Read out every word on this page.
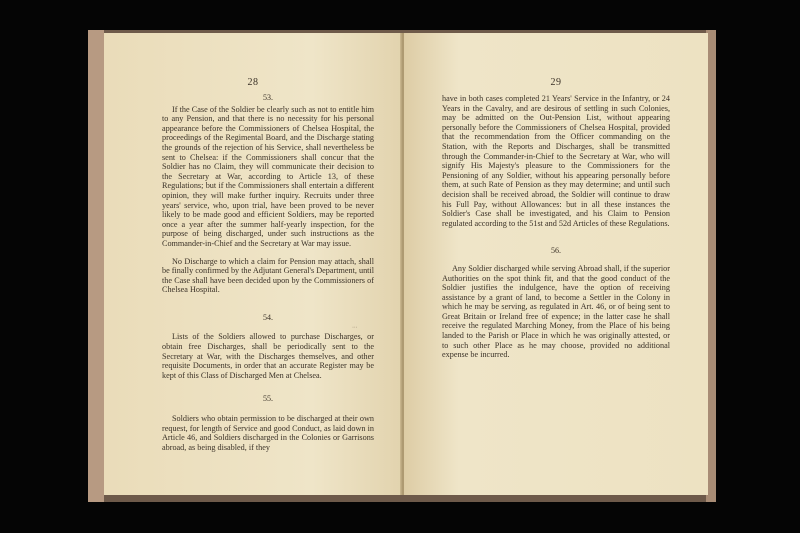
28

53.

If the Case of the Soldier be clearly such as not to entitle him to any Pension, and that there is no necessity for his personal appearance before the Commissioners of Chelsea Hospital, the proceedings of the Regimental Board, and the Discharge stating the grounds of the rejection of his Service, shall nevertheless be sent to Chelsea: if the Commissioners shall concur that the Soldier has no Claim, they will communicate their decision to the Secretary at War, according to Article 13, of these Regulations; but if the Commissioners shall entertain a different opinion, they will make further inquiry. Recruits under three years' service, who, upon trial, have been proved to be never likely to be made good and efficient Soldiers, may be reported once a year after the summer half-yearly inspection, for the purpose of being discharged, under such instructions as the Commander-in-Chief and the Secretary at War may issue.

No Discharge to which a claim for Pension may attach, shall be finally confirmed by the Adjutant General's Department, until the Case shall have been decided upon by the Commissioners of Chelsea Hospital.

54.

Lists of the Soldiers allowed to purchase Discharges, or obtain free Discharges, shall be periodically sent to the Secretary at War, with the Discharges themselves, and other requisite Documents, in order that an accurate Register may be kept of this Class of Discharged Men at Chelsea.

55.

Soldiers who obtain permission to be discharged at their own request, for length of Service and good Conduct, as laid down in Article 46, and Soldiers discharged in the Colonies or Garrisons abroad, as being disabled, if they

·∙·
29

have in both cases completed 21 Years' Service in the Infantry, or 24 Years in the Cavalry, and are desirous of settling in such Colonies, may be admitted on the Out-Pension List, without appearing personally before the Commissioners of Chelsea Hospital, provided that the recommendation from the Officer commanding on the Station, with the Reports and Discharges, shall be transmitted through the Commander-in-Chief to the Secretary at War, who will signify His Majesty's pleasure to the Commissioners for the Pensioning of any Soldier, without his appearing personally before them, at such Rate of Pension as they may determine; and until such decision shall be received abroad, the Soldier will continue to draw his Full Pay, without Allowances: but in all these instances the Soldier's Case shall be investigated, and his Claim to Pension regulated according to the 51st and 52d Articles of these Regulations.

56.

Any Soldier discharged while serving Abroad shall, if the superior Authorities on the spot think fit, and that the good conduct of the Soldier justifies the indulgence, have the option of receiving assistance by a grant of land, to become a Settler in the Colony in which he may be serving, as regulated in Art. 46, or of being sent to Great Britain or Ireland free of expence; in the latter case he shall receive the regulated Marching Money, from the Place of his being landed to the Parish or Place in which he was originally attested, or to such other Place as he may choose, provided no additional expense be incurred.
